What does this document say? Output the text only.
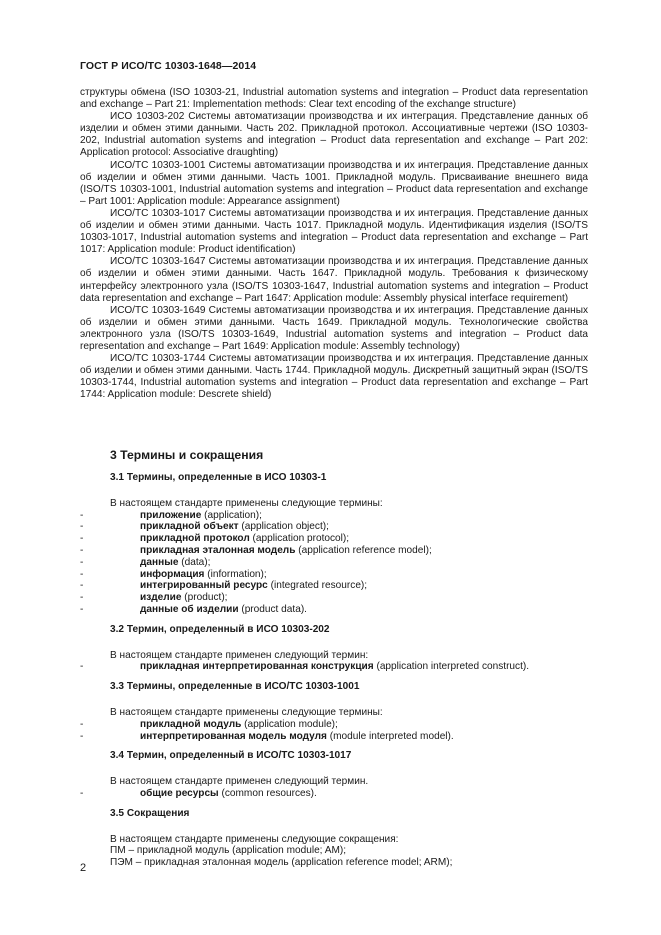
ГОСТ Р ИСО/ТС 10303-1648—2014

структуры обмена (ISO 10303-21, Industrial automation systems and integration – Product data representation and exchange – Part 21: Implementation methods: Clear text encoding of the exchange structure)

ИСО 10303-202 Системы автоматизации производства и их интеграция. Представление данных об изделии и обмен этими данными. Часть 202. Прикладной протокол. Ассоциативные чертежи (ISO 10303-202, Industrial automation systems and integration – Product data representation and exchange – Part 202: Application protocol: Associative draughting)

ИСО/ТС 10303-1001 Системы автоматизации производства и их интеграция. Представление данных об изделии и обмен этими данными. Часть 1001. Прикладной модуль. Присваивание внешнего вида (ISO/TS 10303-1001, Industrial automation systems and integration – Product data representation and exchange – Part 1001: Application module: Appearance assignment)

ИСО/ТС 10303-1017 Системы автоматизации производства и их интеграция. Представление данных об изделии и обмен этими данными. Часть 1017. Прикладной модуль. Идентификация изделия (ISO/TS 10303-1017, Industrial automation systems and integration – Product data representation and exchange – Part 1017: Application module: Product identification)

ИСО/ТС 10303-1647 Системы автоматизации производства и их интеграция. Представление данных об изделии и обмен этими данными. Часть 1647. Прикладной модуль. Требования к физическому интерфейсу электронного узла (ISO/TS 10303-1647, Industrial automation systems and integration – Product data representation and exchange – Part 1647: Application module: Assembly physical interface requirement)

ИСО/ТС 10303-1649 Системы автоматизации производства и их интеграция. Представление данных об изделии и обмен этими данными. Часть 1649. Прикладной модуль. Технологические свойства электронного узла (ISO/TS 10303-1649, Industrial automation systems and integration – Product data representation and exchange – Part 1649: Application module: Assembly technology)

ИСО/ТС 10303-1744 Системы автоматизации производства и их интеграция. Представление данных об изделии и обмен этими данными. Часть 1744. Прикладной модуль. Дискретный защитный экран (ISO/TS 10303-1744, Industrial automation systems and integration – Product data representation and exchange – Part 1744: Application module: Descrete shield)

3 Термины и сокращения

3.1 Термины, определенные в ИСО 10303-1

В настоящем стандарте применены следующие термины:

-	приложение (application);
-	прикладной объект (application object);
-	прикладной протокол (application protocol);
-	прикладная эталонная модель (application reference model);
-	данные (data);
-	информация (information);
-	интегрированный ресурс (integrated resource);
-	изделие (product);
-	данные об изделии (product data).

3.2 Термин, определенный в ИСО 10303-202

В настоящем стандарте применен следующий термин:

-	прикладная интерпретированная конструкция (application interpreted construct).

3.3 Термины, определенные в ИСО/ТС 10303-1001

В настоящем стандарте применены следующие термины:

-	прикладной модуль (application module);
-	интерпретированная модель модуля (module interpreted model).

3.4 Термин, определенный в ИСО/ТС 10303-1017

В настоящем стандарте применен следующий термин.

-	общие ресурсы (common resources).

3.5 Сокращения

В настоящем стандарте применены следующие сокращения:

ПМ – прикладной модуль (application module; AM);

ПЭМ – прикладная эталонная модель (application reference model; ARM);

2
